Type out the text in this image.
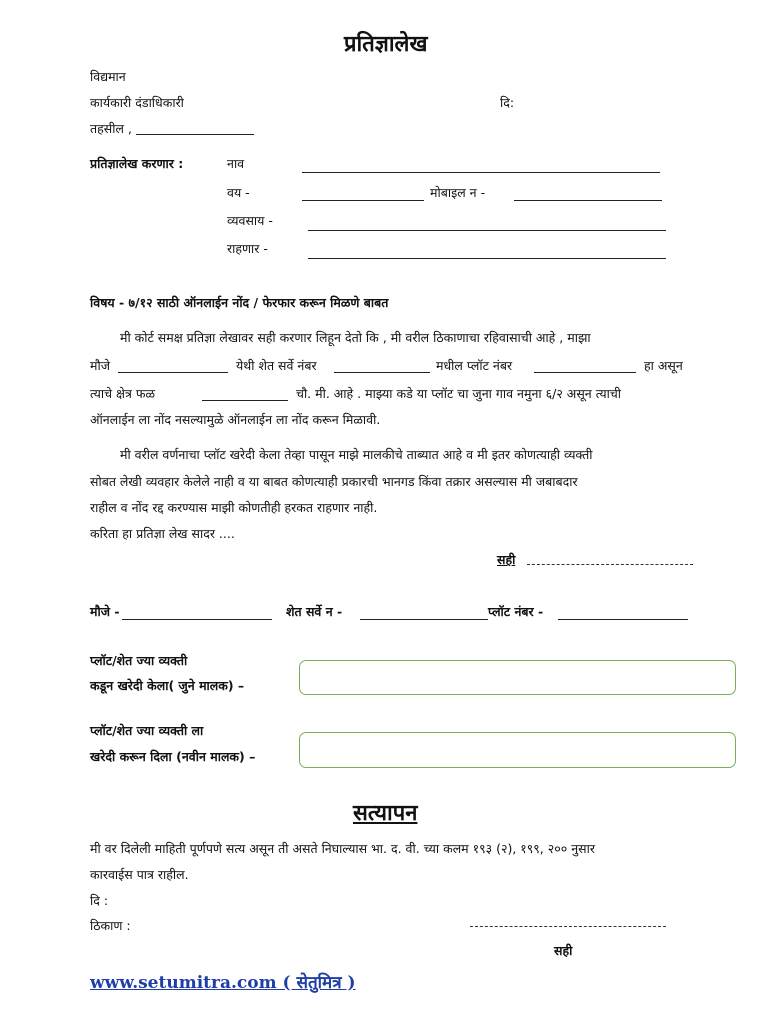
प्रतिज्ञालेख
विद्यमान
कार्यकारी दंडाधिकारी	दि:
तहसील ,
प्रतिज्ञालेख करणार :	नाव
वय -	मोबाइल न -
व्यवसाय -
राहणार -
विषय - ७/१२ साठी ऑनलाईन नोंद / फेरफार करून मिळणे बाबत
मी कोर्ट समक्ष प्रतिज्ञा लेखावर सही करणार लिहून देतो कि , मी वरील ठिकाणाचा रहिवासाची आहे , माझा
मौजे	येथी शेत सर्वे नंबर	मधील प्लॉट नंबर	हा असून
त्याचे क्षेत्र फळ	चौ. मी. आहे . माझ्या कडे या प्लॉट चा जुना गाव नमुना ६/२ असून त्याची
ऑनलाईन ला नोंद नसल्यामुळे ऑनलाईन ला नोंद करून मिळावी.
मी वरील वर्णनाचा प्लॉट खरेदी केला तेव्हा पासून माझे मालकीचे ताब्यात आहे व मी इतर कोणत्याही व्यक्ती
सोबत लेखी व्यवहार केलेले नाही व या बाबत कोणत्याही प्रकारची भानगड किंवा तक्रार असल्यास मी जबाबदार
राहील व नोंद रद्द करण्यास माझी कोणतीही हरकत राहणार नाही.
करिता हा प्रतिज्ञा लेख सादर ....
सही
मौजे -	शेत सर्वे न -	प्लॉट नंबर -
प्लॉट/शेत ज्या व्यक्ती
कडून खरेदी केला( जुने मालक) –
प्लॉट/शेत ज्या व्यक्ती ला
खरेदी करून दिला (नवीन मालक) –
सत्यापन
मी वर दिलेली माहिती पूर्णपणे सत्य असून ती असते निघाल्यास भा. द. वी. च्या कलम १९३ (२), १९९, २०० नुसार
कारवाईस पात्र राहील.
दि :
ठिकाण :
सही
www.setumitra.com ( सेतुमित्र )
